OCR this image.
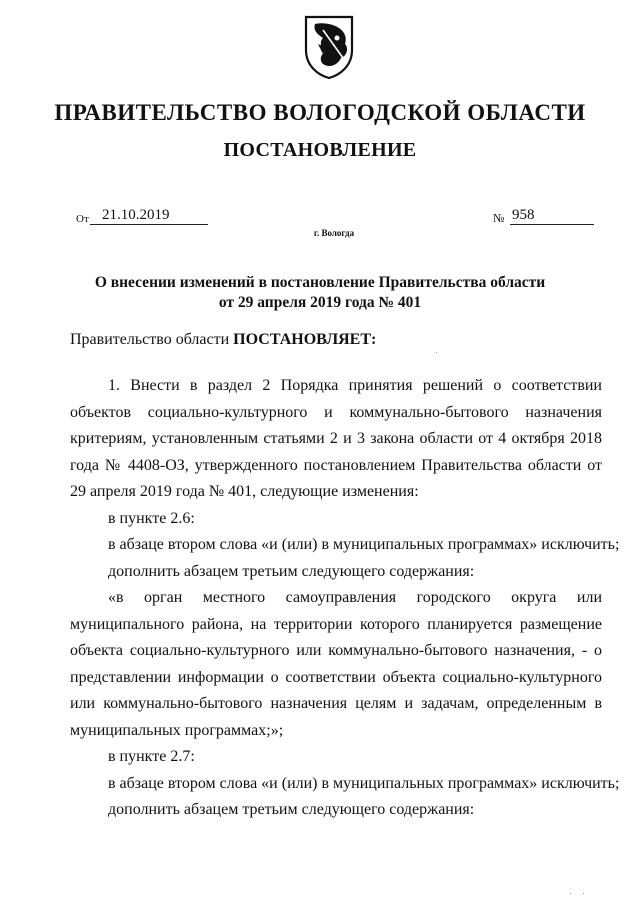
ПРАВИТЕЛЬСТВО ВОЛОГОДСКОЙ ОБЛАСТИ
ПОСТАНОВЛЕНИЕ
От 21.10.2019	№ 958
г. Вологда
О внесении изменений в постановление Правительства области
от 29 апреля 2019 года № 401
Правительство области ПОСТАНОВЛЯЕТ:

1. Внести в раздел 2 Порядка принятия решений о соответствии объектов социально-культурного и коммунально-бытового назначения критериям, установленным статьями 2 и 3 закона области от 4 октября 2018 года № 4408-ОЗ, утвержденного постановлением Правительства области от 29 апреля 2019 года № 401, следующие изменения:

в пункте 2.6:

в абзаце втором слова «и (или) в муниципальных программах» исключить;

дополнить абзацем третьим следующего содержания:

«в орган местного самоуправления городского округа или муниципального района, на территории которого планируется размещение объекта социально-культурного или коммунально-бытового назначения, - о представлении информации о соответствии объекта социально-культурного или коммунально-бытового назначения целям и задачам, определенным в муниципальных программах;»;

в пункте 2.7:

в абзаце втором слова «и (или) в муниципальных программах» исключить;

дополнить абзацем третьим следующего содержания:
